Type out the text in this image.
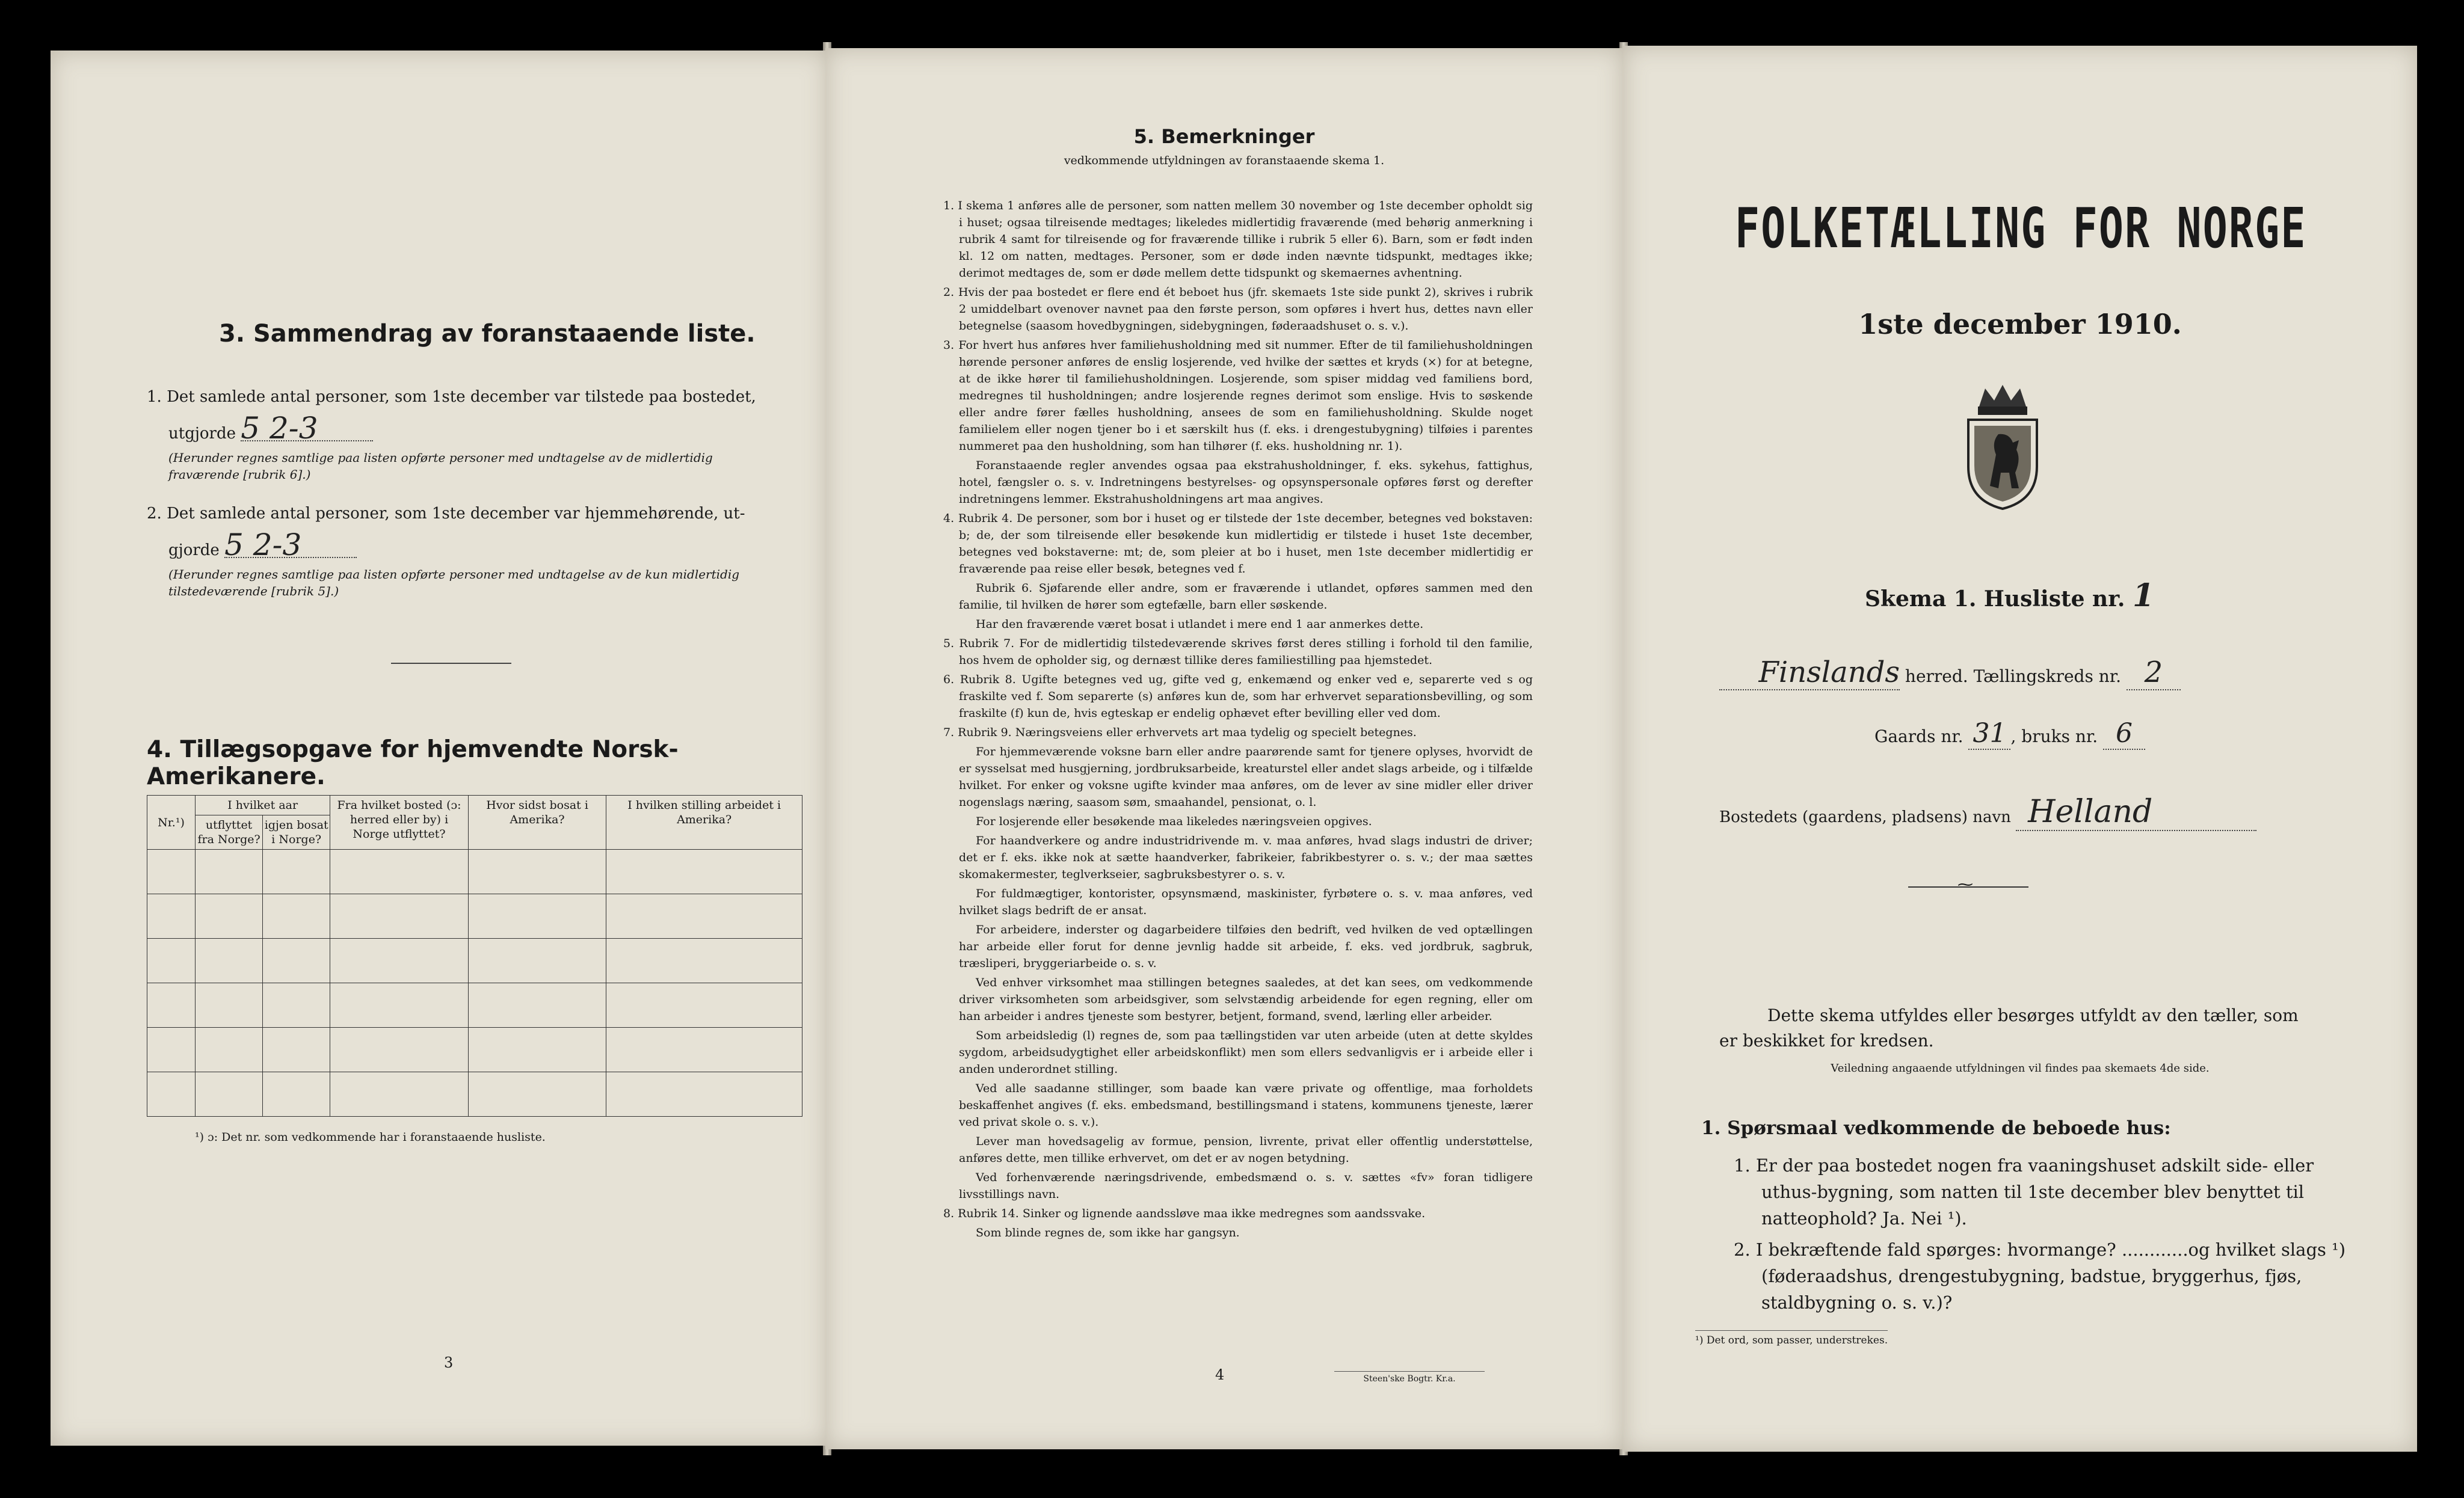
3. Sammendrag av foranstaaende liste.
1. Det samlede antal personer, som 1ste december var tilstede paa bostedet,
utgjorde 5 2-3
(Herunder regnes samtlige paa listen opførte personer med undtagelse av de midlertidig fraværende [rubrik 6].)
2. Det samlede antal personer, som 1ste december var hjemmehørende, ut-
gjorde 5 2-3
(Herunder regnes samtlige paa listen opførte personer med undtagelse av de kun midlertidig tilstedeværende [rubrik 5].)
4. Tillægsopgave for hjemvendte Norsk-Amerikanere.
Nr.¹)	I hvilket aar		Fra hvilket bosted (ɔ: herred eller by) i Norge utflyttet?	Hvor sidst bosat i Amerika?	I hvilken stilling arbeidet i Amerika?
	utflyttet fra Norge?	igjen bosat i Norge?			

¹) ɔ: Det nr. som vedkommende har i foranstaaende husliste.
3
5. Bemerkninger
vedkommende utfyldningen av foranstaaende skema 1.

1. I skema 1 anføres alle de personer, som natten mellem 30 november og 1ste december opholdt sig i huset; ogsaa tilreisende medtages; likeledes midlertidig fraværende (med behørig anmerkning i rubrik 4 samt for tilreisende og for fraværende tillike i rubrik 5 eller 6). Barn, som er født inden kl. 12 om natten, medtages. Personer, som er døde inden nævnte tidspunkt, medtages ikke; derimot medtages de, som er døde mellem dette tidspunkt og skemaernes avhentning.

2. Hvis der paa bostedet er flere end ét beboet hus (jfr. skemaets 1ste side punkt 2), skrives i rubrik 2 umiddelbart ovenover navnet paa den første person, som opføres i hvert hus, dettes navn eller betegnelse (saasom hovedbygningen, sidebygningen, føderaadshuset o. s. v.).

3. For hvert hus anføres hver familiehusholdning med sit nummer. Efter de til familiehusholdningen hørende personer anføres de enslig losjerende, ved hvilke der sættes et kryds (×) for at betegne, at de ikke hører til familiehusholdningen. Losjerende, som spiser middag ved familiens bord, medregnes til husholdningen; andre losjerende regnes derimot som enslige. Hvis to søskende eller andre fører fælles husholdning, ansees de som en familiehusholdning. Skulde noget familielem eller nogen tjener bo i et særskilt hus (f. eks. i drengestubygning) tilføies i parentes nummeret paa den husholdning, som han tilhører (f. eks. husholdning nr. 1).

Foranstaaende regler anvendes ogsaa paa ekstrahusholdninger, f. eks. sykehus, fattighus, hotel, fængsler o. s. v. Indretningens bestyrelses- og opsynspersonale opføres først og derefter indretningens lemmer. Ekstrahusholdningens art maa angives.

4. Rubrik 4. De personer, som bor i huset og er tilstede der 1ste december, betegnes ved bokstaven: b; de, der som tilreisende eller besøkende kun midlertidig er tilstede i huset 1ste december, betegnes ved bokstaverne: mt; de, som pleier at bo i huset, men 1ste december midlertidig er fraværende paa reise eller besøk, betegnes ved f.

Rubrik 6. Sjøfarende eller andre, som er fraværende i utlandet, opføres sammen med den familie, til hvilken de hører som egtefælle, barn eller søskende.

Har den fraværende været bosat i utlandet i mere end 1 aar anmerkes dette.

5. Rubrik 7. For de midlertidig tilstedeværende skrives først deres stilling i forhold til den familie, hos hvem de opholder sig, og dernæst tillike deres familiestilling paa hjemstedet.

6. Rubrik 8. Ugifte betegnes ved ug, gifte ved g, enkemænd og enker ved e, separerte ved s og fraskilte ved f. Som separerte (s) anføres kun de, som har erhvervet separationsbevilling, og som fraskilte (f) kun de, hvis egteskap er endelig ophævet efter bevilling eller ved dom.

7. Rubrik 9. Næringsveiens eller erhvervets art maa tydelig og specielt betegnes.

For hjemmeværende voksne barn eller andre paarørende samt for tjenere oplyses, hvorvidt de er sysselsat med husgjerning, jordbruksarbeide, kreaturstel eller andet slags arbeide, og i tilfælde hvilket. For enker og voksne ugifte kvinder maa anføres, om de lever av sine midler eller driver nogenslags næring, saasom søm, smaahandel, pensionat, o. l.

For losjerende eller besøkende maa likeledes næringsveien opgives.

For haandverkere og andre industridrivende m. v. maa anføres, hvad slags industri de driver; det er f. eks. ikke nok at sætte haandverker, fabrikeier, fabrikbestyrer o. s. v.; der maa sættes skomakermester, teglverkseier, sagbruksbestyrer o. s. v.

For fuldmægtiger, kontorister, opsynsmænd, maskinister, fyrbøtere o. s. v. maa anføres, ved hvilket slags bedrift de er ansat.

For arbeidere, inderster og dagarbeidere tilføies den bedrift, ved hvilken de ved optællingen har arbeide eller forut for denne jevnlig hadde sit arbeide, f. eks. ved jordbruk, sagbruk, træsliperi, bryggeriarbeide o. s. v.

Ved enhver virksomhet maa stillingen betegnes saaledes, at det kan sees, om vedkommende driver virksomheten som arbeidsgiver, som selvstændig arbeidende for egen regning, eller om han arbeider i andres tjeneste som bestyrer, betjent, formand, svend, lærling eller arbeider.

Som arbeidsledig (l) regnes de, som paa tællingstiden var uten arbeide (uten at dette skyldes sygdom, arbeidsudygtighet eller arbeidskonflikt) men som ellers sedvanligvis er i arbeide eller i anden underordnet stilling.

Ved alle saadanne stillinger, som baade kan være private og offentlige, maa forholdets beskaffenhet angives (f. eks. embedsmand, bestillingsmand i statens, kommunens tjeneste, lærer ved privat skole o. s. v.).

Lever man hovedsagelig av formue, pension, livrente, privat eller offentlig understøttelse, anføres dette, men tillike erhvervet, om det er av nogen betydning.

Ved forhenværende næringsdrivende, embedsmænd o. s. v. sættes «fv» foran tidligere livsstillings navn.

8. Rubrik 14. Sinker og lignende aandssløve maa ikke medregnes som aandssvake.

Som blinde regnes de, som ikke har gangsyn.

4	Steen'ske Bogtr. Kr.a.
FOLKETÆLLING FOR NORGE
1ste december 1910.
Skema 1. Husliste nr. 1
Finslands herred. Tællingskreds nr. 2
Gaards nr. 31 , bruks nr. 6
Bostedets (gaardens, pladsens) navn Helland
⁓
Dette skema utfyldes eller besørges utfyldt av den tæller, som er beskikket for kredsen.
Veiledning angaaende utfyldningen vil findes paa skemaets 4de side.
1. Spørsmaal vedkommende de beboede hus:
1. Er der paa bostedet nogen fra vaaningshuset adskilt side- eller uthus-bygning, som natten til 1ste december blev benyttet til natteophold? Ja. Nei ¹).
2. I bekræftende fald spørges: hvormange? ............og hvilket slags ¹) (føderaadshus, drengestubygning, badstue, bryggerhus, fjøs, staldbygning o. s. v.)?
¹) Det ord, som passer, understrekes.
